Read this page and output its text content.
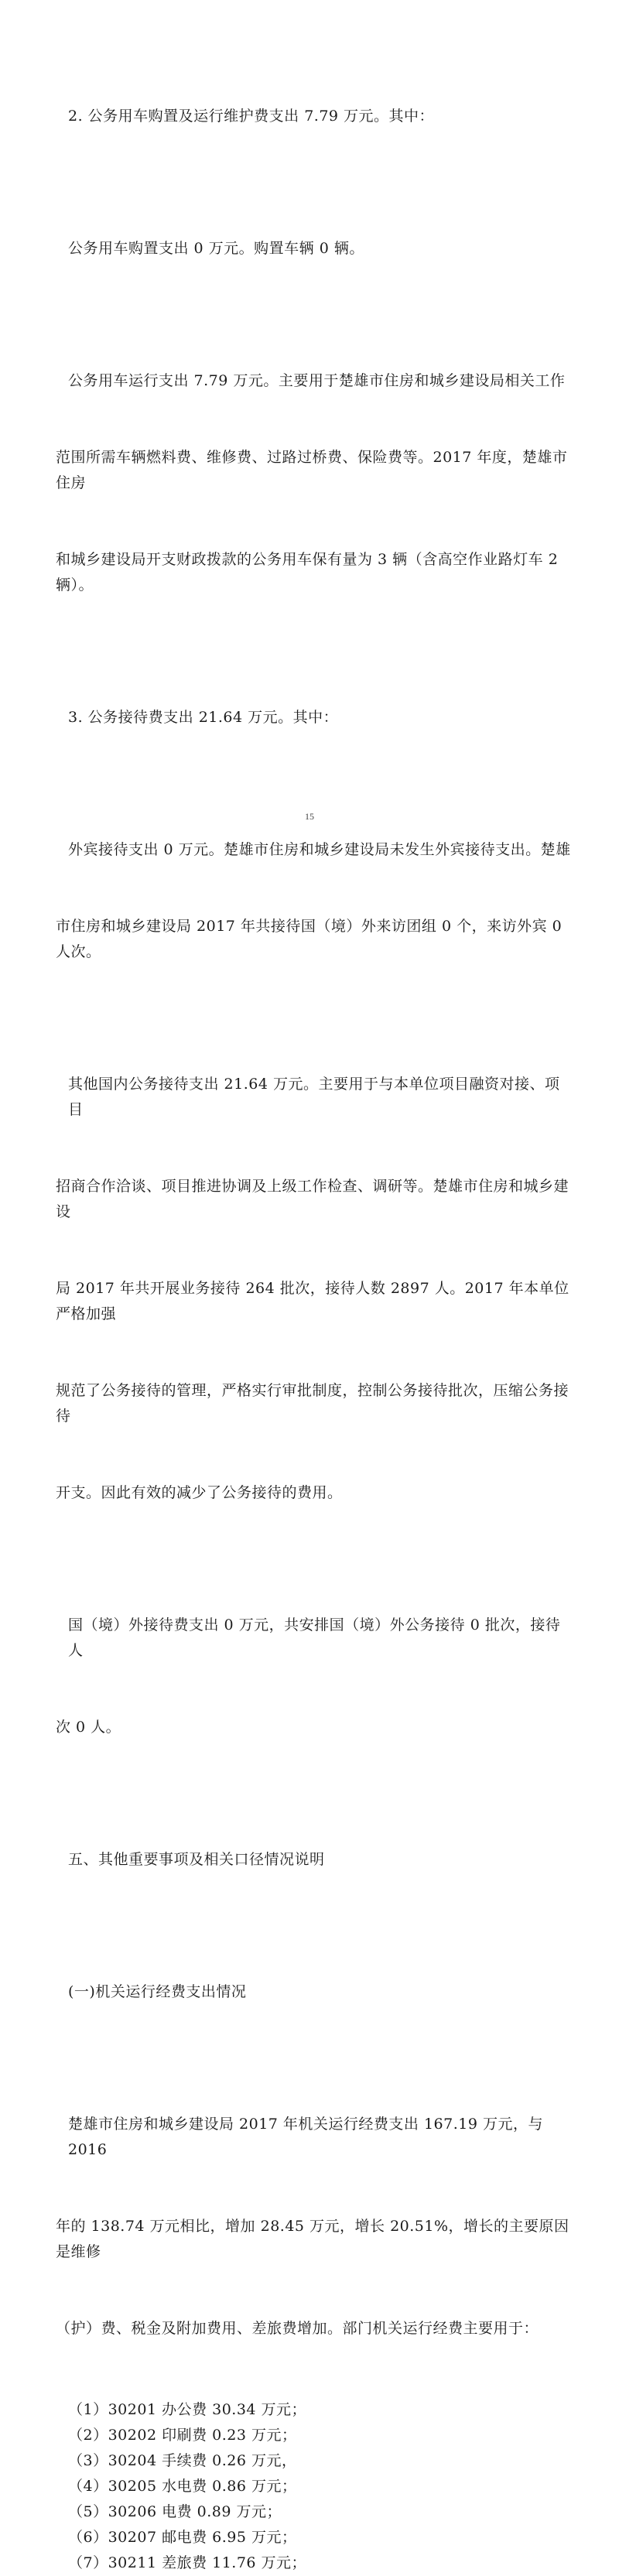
2. 公务用车购置及运行维护费支出 7.79 万元。其中：

公务用车购置支出 0 万元。购置车辆 0 辆。

公务用车运行支出 7.79 万元。主要用于楚雄市住房和城乡建设局相关工作

范围所需车辆燃料费、维修费、过路过桥费、保险费等。2017 年度，楚雄市住房

和城乡建设局开支财政拨款的公务用车保有量为 3 辆（含高空作业路灯车 2 辆）。

3. 公务接待费支出 21.64 万元。其中：

外宾接待支出 0 万元。楚雄市住房和城乡建设局未发生外宾接待支出。楚雄

市住房和城乡建设局 2017 年共接待国（境）外来访团组 0 个，来访外宾 0 人次。

其他国内公务接待支出 21.64 万元。主要用于与本单位项目融资对接、项目

招商合作洽谈、项目推进协调及上级工作检查、调研等。楚雄市住房和城乡建设

局 2017 年共开展业务接待 264 批次，接待人数 2897 人。2017 年本单位严格加强

规范了公务接待的管理，严格实行审批制度，控制公务接待批次，压缩公务接待

开支。因此有效的减少了公务接待的费用。

国（境）外接待费支出 0 万元，共安排国（境）外公务接待 0 批次，接待人

次 0 人。

五、其他重要事项及相关口径情况说明

(一)机关运行经费支出情况

楚雄市住房和城乡建设局 2017 年机关运行经费支出 167.19 万元，与 2016

年的 138.74 万元相比，增加 28.45 万元，增长 20.51%，增长的主要原因是维修

（护）费、税金及附加费用、差旅费增加。部门机关运行经费主要用于：

（1）30201 办公费 30.34 万元；
（2）30202 印刷费 0.23 万元；
（3）30204 手续费 0.26 万元，
（4）30205 水电费 0.86 万元；
（5）30206 电费 0.89 万元；
（6）30207 邮电费 6.95 万元；
（7）30211 差旅费 11.76 万元；
15
